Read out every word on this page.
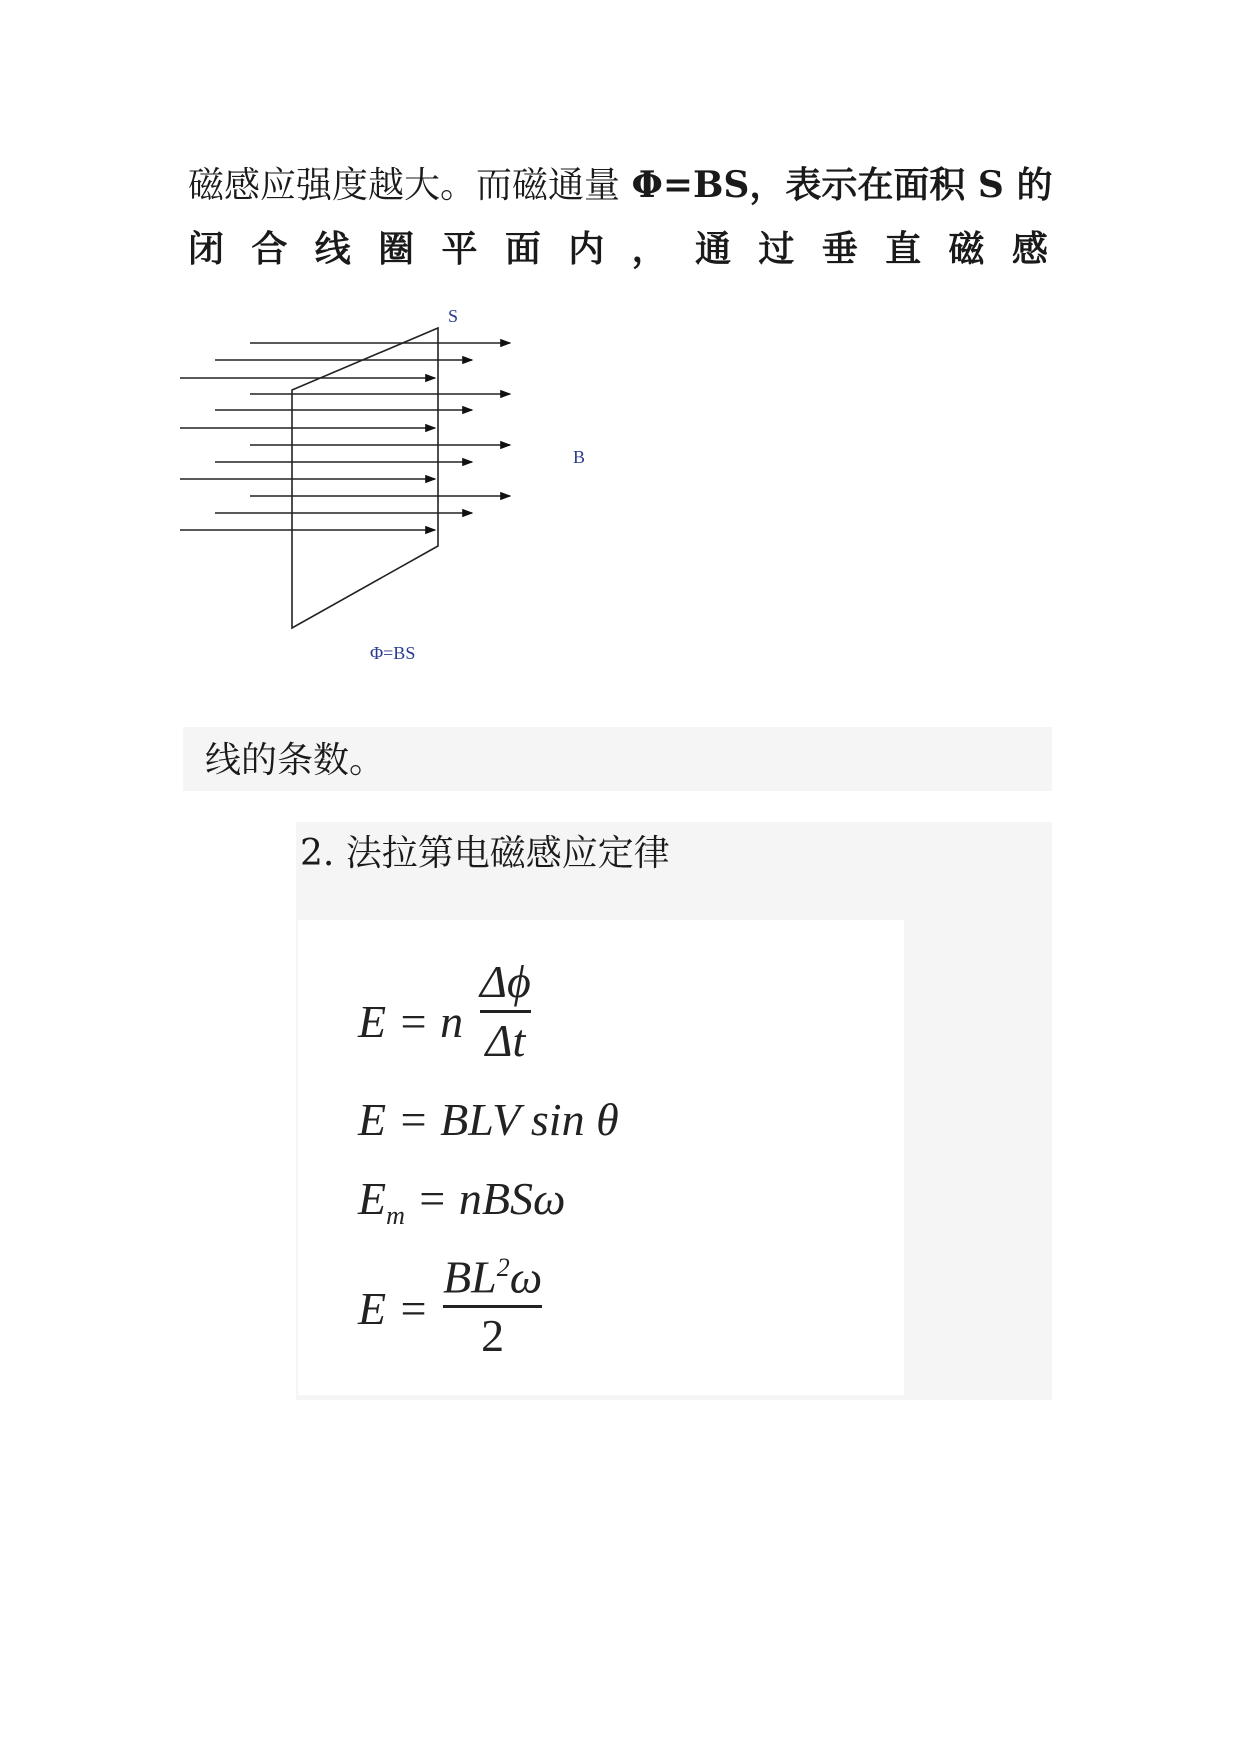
磁感应强度越大。而磁通量 Φ=BS，表示在面积 S 的
闭 合 线 圈 平 面 内 ， 通 过 垂 直 磁 感
S
B
Φ=BS
线的条数。
2. 法拉第电磁感应定律
E = n
Δϕ
Δt
E = BLV sin θ
$E_m = nBS\omega$
E =
$BL^2\omega$
2
